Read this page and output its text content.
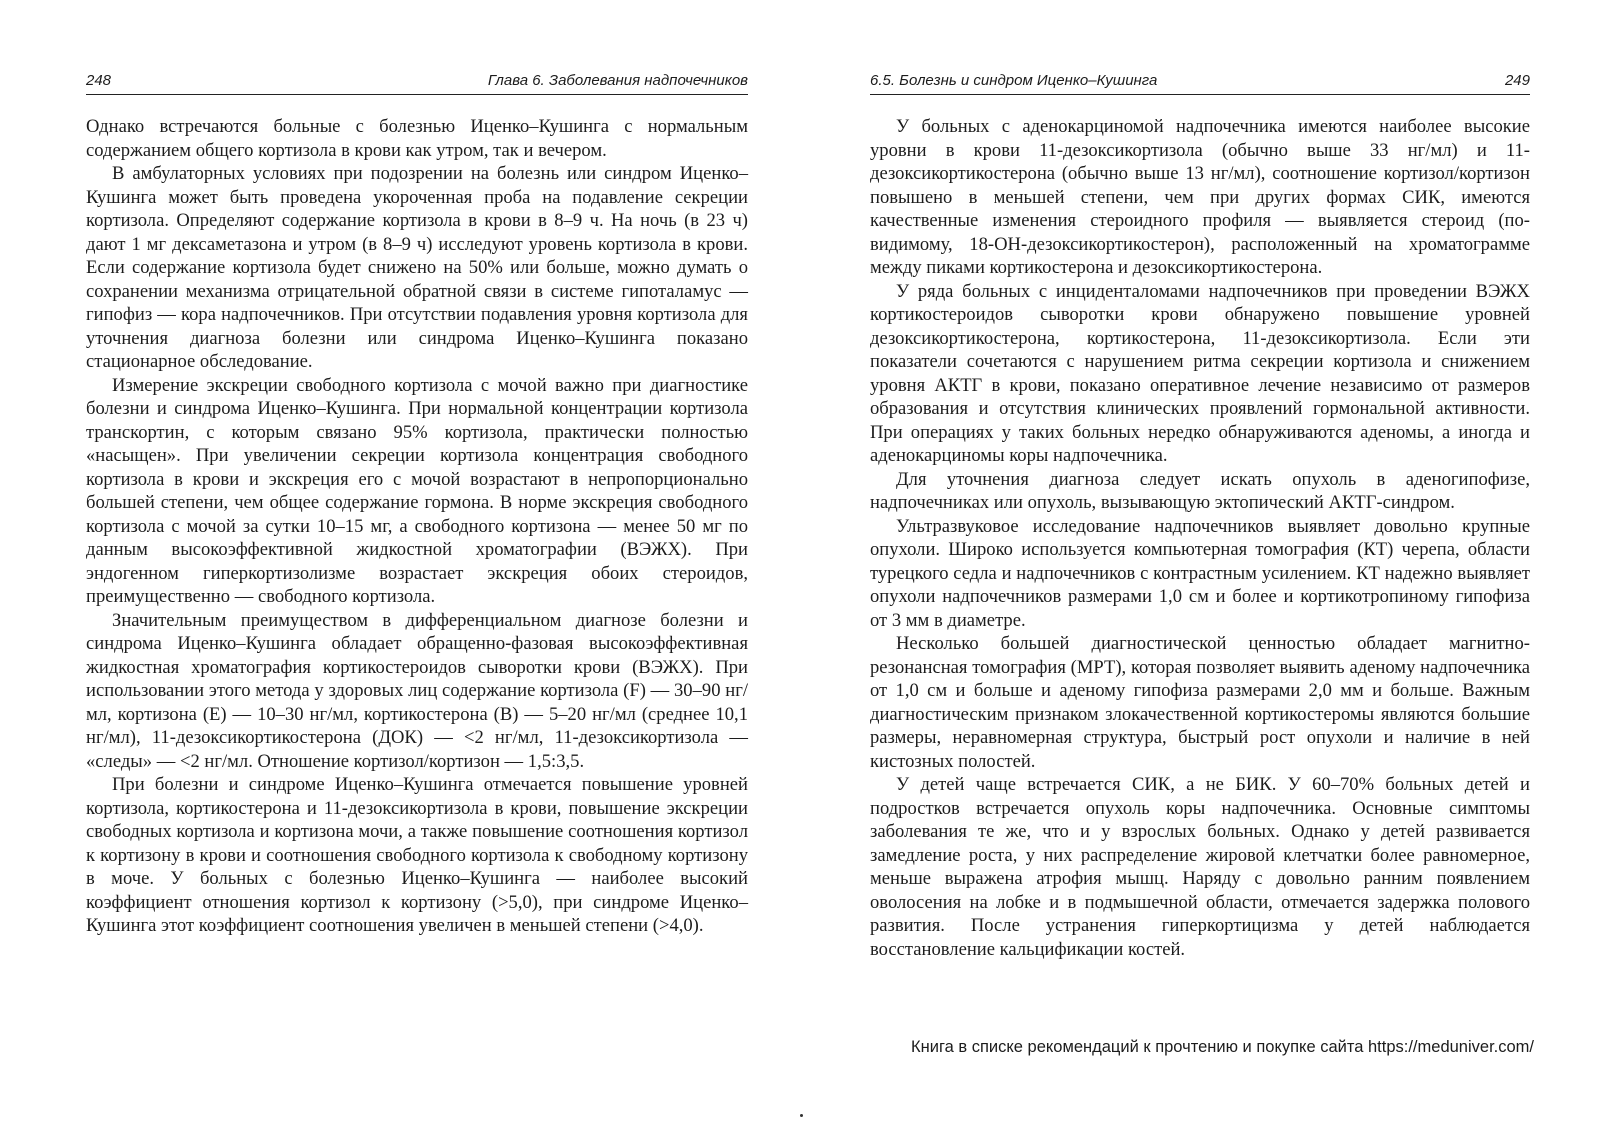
248	Глава 6. Заболевания надпочечников

Однако встречаются больные с болезнью Иценко–Кушинга с нормальным содержанием общего кортизола в крови как утром, так и вечером.

В амбулаторных условиях при подозрении на болезнь или синдром Иценко–Кушинга может быть проведена укороченная проба на подавление секреции кортизола. Определяют содержание кортизола в крови в 8–9 ч. На ночь (в 23 ч) дают 1 мг дексаметазона и утром (в 8–9 ч) исследуют уровень кортизола в крови. Если содержание кортизола будет снижено на 50% или больше, можно думать о сохранении механизма отрицательной обратной связи в системе гипоталамус — гипофиз — кора надпочечников. При отсутствии подавления уровня кортизола для уточнения диагноза болезни или синдрома Иценко–Кушинга показано стационарное обследование.

Измерение экскреции свободного кортизола с мочой важно при диагностике болезни и синдрома Иценко–Кушинга. При нормальной концентрации кортизола транскортин, с которым связано 95% кортизола, практически полностью «насыщен». При увеличении секреции кортизола концентрация свободного кортизола в крови и экскреция его с мочой возрастают в непропорционально большей степени, чем общее содержание гормона. В норме экскреция свободного кортизола с мочой за сутки 10–15 мг, а свободного кортизона — менее 50 мг по данным высокоэффективной жидкостной хроматографии (ВЭЖХ). При эндогенном гиперкортизолизме возрастает экскреция обоих стероидов, преимущественно — свободного кортизола.

Значительным преимуществом в дифференциальном диагнозе болезни и синдрома Иценко–Кушинга обладает обращенно-фазовая высокоэффективная жидкостная хроматография кортикостероидов сыворотки крови (ВЭЖХ). При использовании этого метода у здоровых лиц содержание кортизола (F) — 30–90 нг/мл, кортизона (E) — 10–30 нг/мл, кортикостерона (B) — 5–20 нг/мл (среднее 10,1 нг/мл), 11-дезоксикортикостерона (ДОК) — <2 нг/мл, 11-дезоксикортизола — «следы» — <2 нг/мл. Отношение кортизол/кортизон — 1,5:3,5.

При болезни и синдроме Иценко–Кушинга отмечается повышение уровней кортизола, кортикостерона и 11-дезоксикортизола в крови, повышение экскреции свободных кортизола и кортизона мочи, а также повышение соотношения кортизол к кортизону в крови и соотношения свободного кортизола к свободному кортизону в моче. У больных с болезнью Иценко–Кушинга — наиболее высокий коэффициент отношения кортизол к кортизону (>5,0), при синдроме Иценко–Кушинга этот коэффициент соотношения увеличен в меньшей степени (>4,0).

6.5. Болезнь и синдром Иценко–Кушинга	249

У больных с аденокарциномой надпочечника имеются наиболее высокие уровни в крови 11-дезоксикортизола (обычно выше 33 нг/мл) и 11-дезоксикортикостерона (обычно выше 13 нг/мл), соотношение кортизол/кортизон повышено в меньшей степени, чем при других формах СИК, имеются качественные изменения стероидного профиля — выявляется стероид (по-видимому, 18-ОН-дезоксикортикостерон), расположенный на хроматограмме между пиками кортикостерона и дезоксикортикостерона.

У ряда больных с инциденталомами надпочечников при проведении ВЭЖХ кортикостероидов сыворотки крови обнаружено повышение уровней дезоксикортикостерона, кортикостерона, 11-дезоксикортизола. Если эти показатели сочетаются с нарушением ритма секреции кортизола и снижением уровня АКТГ в крови, показано оперативное лечение независимо от размеров образования и отсутствия клинических проявлений гормональной активности. При операциях у таких больных нередко обнаруживаются аденомы, а иногда и аденокарциномы коры надпочечника.

Для уточнения диагноза следует искать опухоль в аденогипофизе, надпочечниках или опухоль, вызывающую эктопический АКТГ-синдром.

Ультразвуковое исследование надпочечников выявляет довольно крупные опухоли. Широко используется компьютерная томография (КТ) черепа, области турецкого седла и надпочечников с контрастным усилением. КТ надежно выявляет опухоли надпочечников размерами 1,0 см и более и кортикотропиному гипофиза от 3 мм в диаметре.

Несколько большей диагностической ценностью обладает магнитно-резонансная томография (МРТ), которая позволяет выявить аденому надпочечника от 1,0 см и больше и аденому гипофиза размерами 2,0 мм и больше. Важным диагностическим признаком злокачественной кортикостеромы являются большие размеры, неравномерная структура, быстрый рост опухоли и наличие в ней кистозных полостей.

У детей чаще встречается СИК, а не БИК. У 60–70% больных детей и подростков встречается опухоль коры надпочечника. Основные симптомы заболевания те же, что и у взрослых больных. Однако у детей развивается замедление роста, у них распределение жировой клетчатки более равномерное, меньше выражена атрофия мышц. Наряду с довольно ранним появлением оволосения на лобке и в подмышечной области, отмечается задержка полового развития. После устранения гиперкортицизма у детей наблюдается восстановление кальцификации костей.

Книга в списке рекомендаций к прочтению и покупке сайта https://meduniver.com/
